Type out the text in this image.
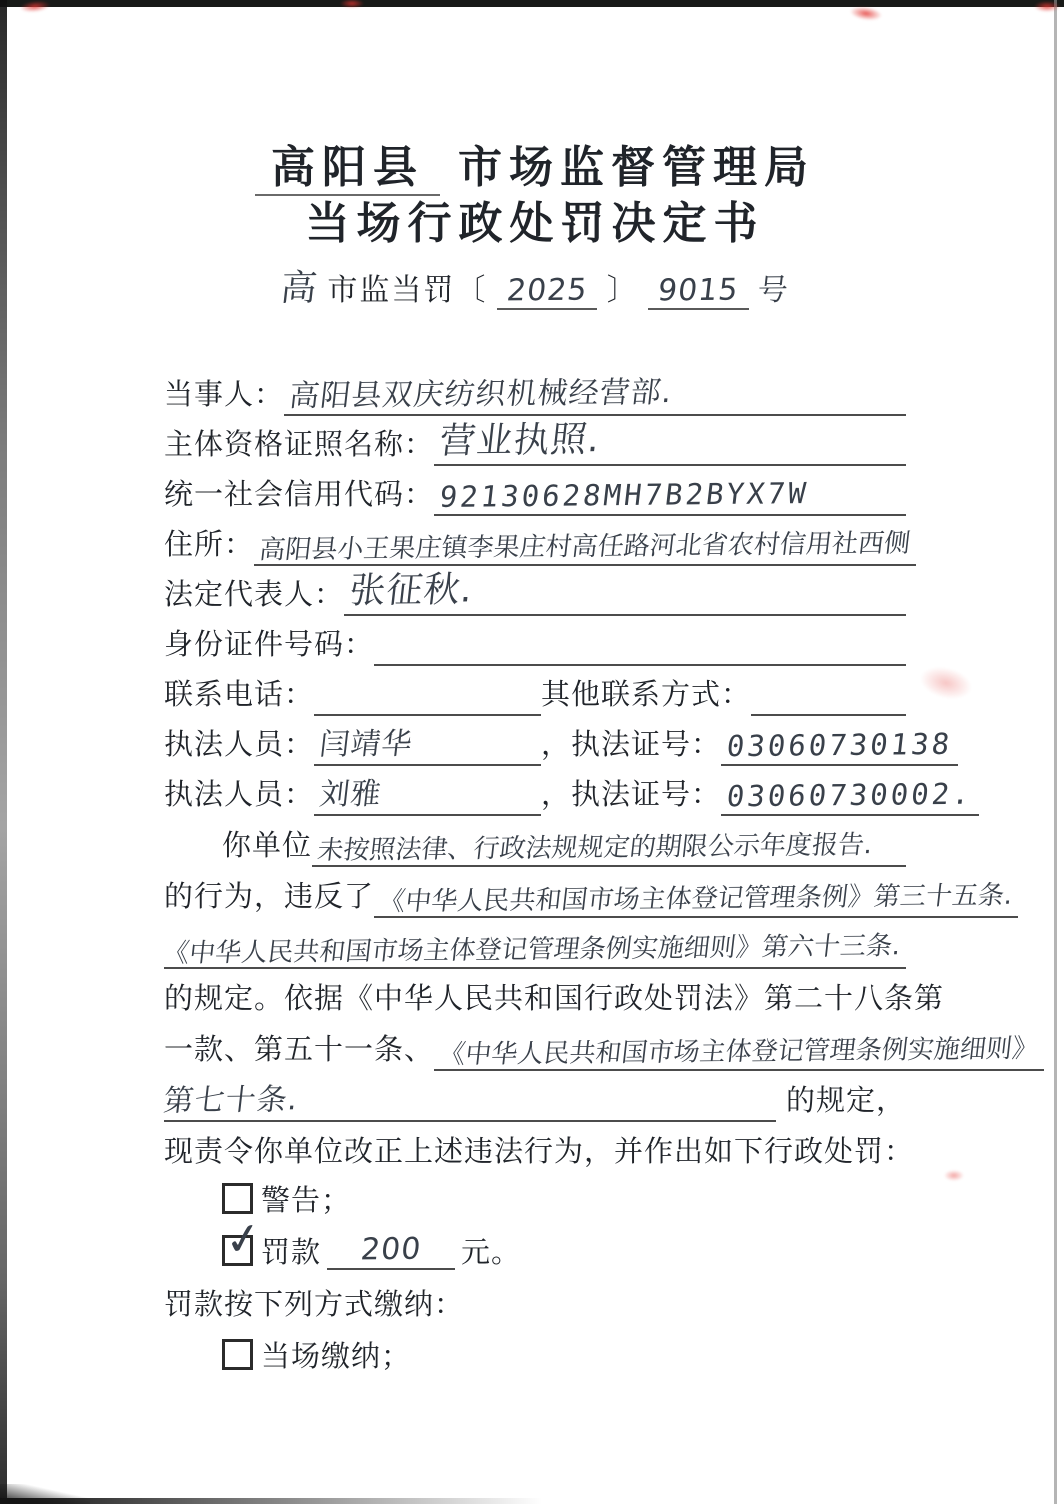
高阳县 市场监督管理局
当场行政处罚决定书
高 市监当罚〔 2025 〕 9015 号
当事人： 高阳县双庆纺织机械经营部.
主体资格证照名称： 营业执照.
统一社会信用代码： 92130628MH7B2BYX7W
住所： 高阳县小王果庄镇李果庄村高任路河北省农村信用社西侧
法定代表人： 张征秋.
身份证件号码：
联系电话：	其他联系方式：
执法人员： 闫靖华	，执法证号： 03060730138
执法人员： 刘雅	，执法证号： 03060730002.
你单位 未按照法律、行政法规规定的期限公示年度报告.
的行为，违反了 《中华人民共和国市场主体登记管理条例》第三十五条.
《中华人民共和国市场主体登记管理条例实施细则》第六十三条.
的规定。依据《中华人民共和国行政处罚法》第二十八条第
一款、第五十一条、 《中华人民共和国市场主体登记管理条例实施细则》
第七十条.	的规定，
现责令你单位改正上述违法行为，并作出如下行政处罚：
警告；
✓
罚款	200	元。
罚款按下列方式缴纳：
当场缴纳；
